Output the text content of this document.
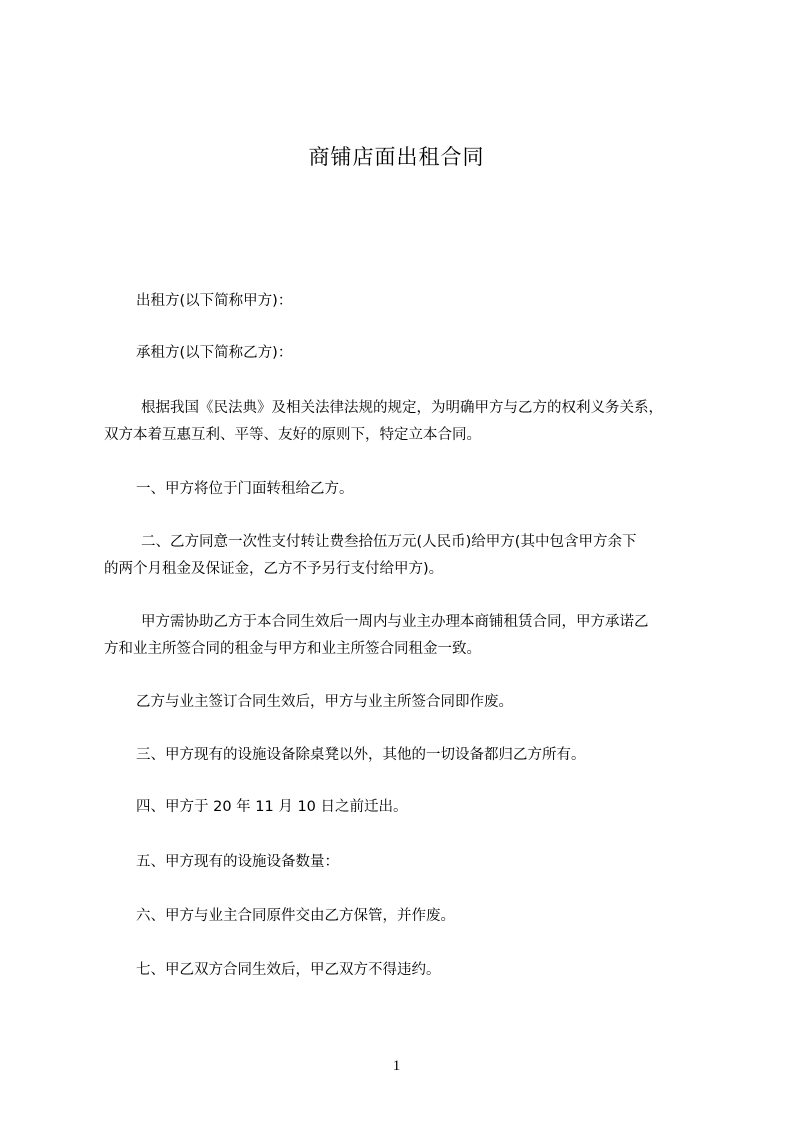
商铺店面出租合同
出租方(以下简称甲方)：
承租方(以下简称乙方)：
根据我国《民法典》及相关法律法规的规定，为明确甲方与乙方的权利义务关系，
双方本着互惠互利、平等、友好的原则下，特定立本合同。
一、甲方将位于门面转租给乙方。
二、乙方同意一次性支付转让费叁拾伍万元(人民币)给甲方(其中包含甲方余下
的两个月租金及保证金，乙方不予另行支付给甲方)。
甲方需协助乙方于本合同生效后一周内与业主办理本商铺租赁合同，甲方承诺乙
方和业主所签合同的租金与甲方和业主所签合同租金一致。
乙方与业主签订合同生效后，甲方与业主所签合同即作废。
三、甲方现有的设施设备除桌凳以外，其他的一切设备都归乙方所有。
四、甲方于 20 年 11 月 10 日之前迁出。
五、甲方现有的设施设备数量：
六、甲方与业主合同原件交由乙方保管，并作废。
七、甲乙双方合同生效后，甲乙双方不得违约。
1
